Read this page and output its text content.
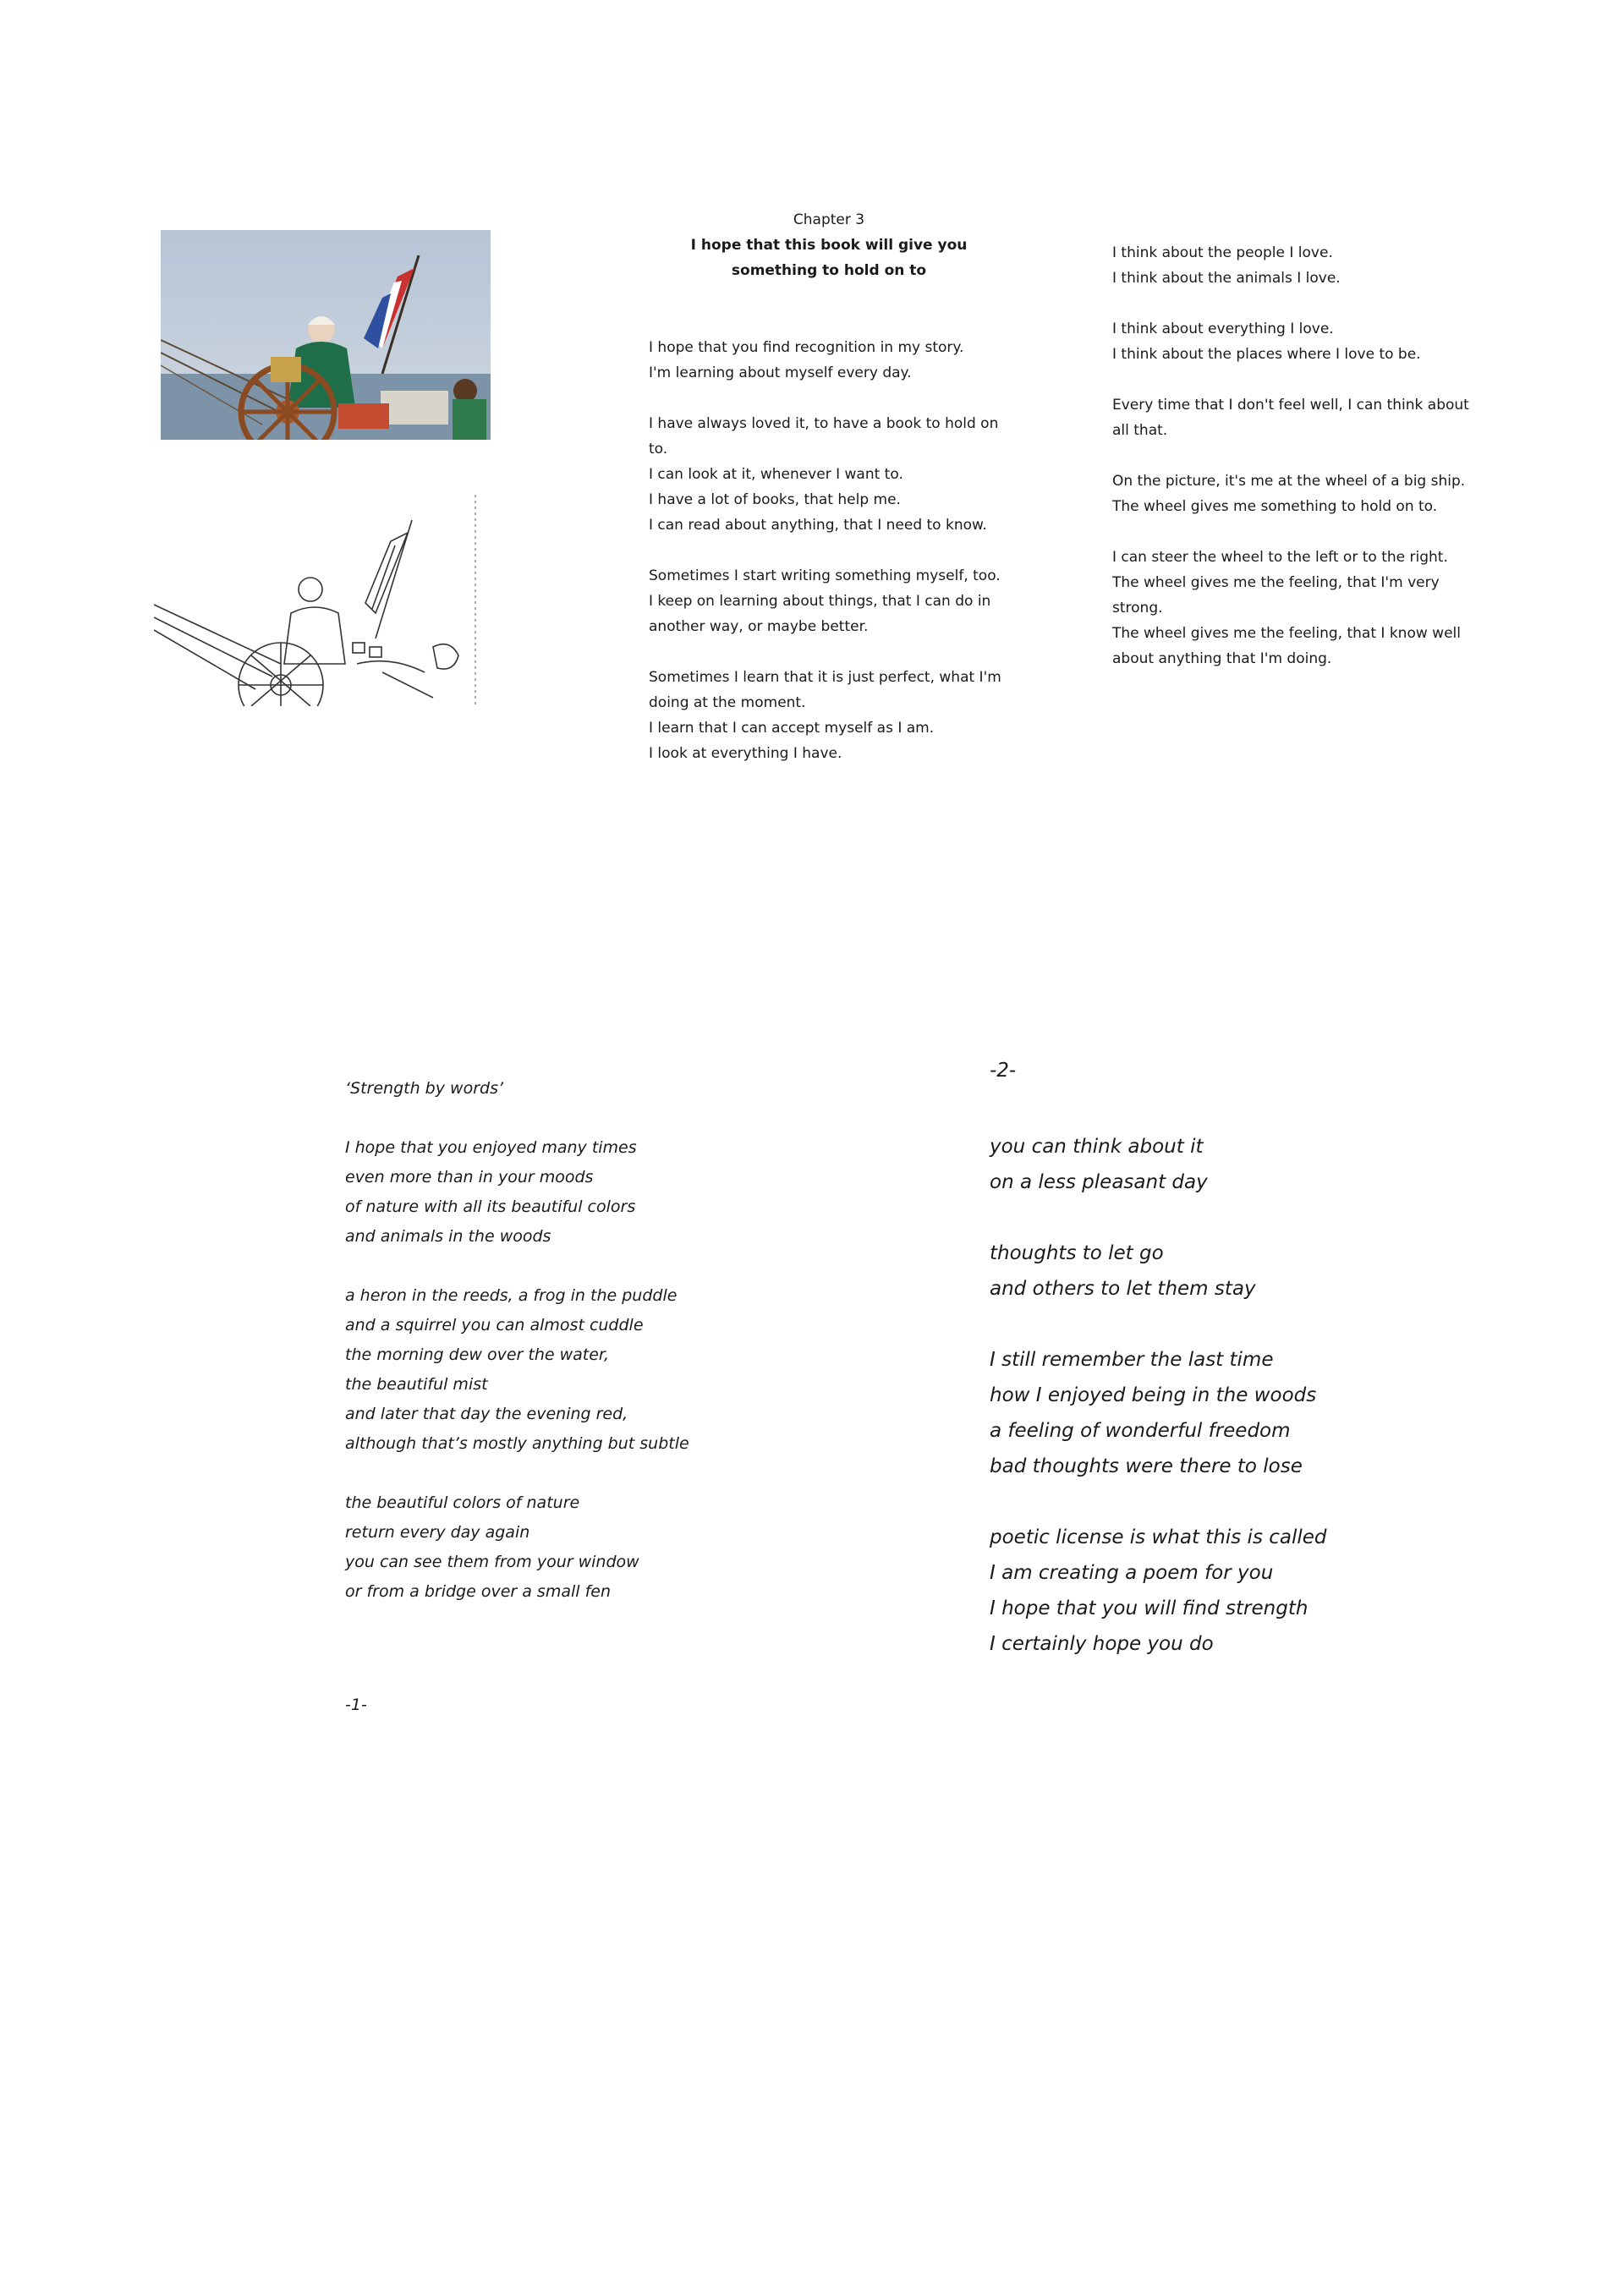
Chapter 3
I hope that this book will give you
something to hold on to

I hope that you find recognition in my story.
I'm learning about myself every day.

I have always loved it, to have a book to hold on
to.
I can look at it, whenever I want to.
I have a lot of books, that help me.
I can read about anything, that I need to know.

Sometimes I start writing something myself, too.
I keep on learning about things, that I can do in
another way, or maybe better.

Sometimes I learn that it is just perfect, what I'm
doing at the moment.
I learn that I can accept myself as I am.
I look at everything I have.

I think about the people I love.
I think about the animals I love.

I think about everything I love.
I think about the places where I love to be.

Every time that I don't feel well, I can think about
all that.

On the picture, it's me at the wheel of a big ship.
The wheel gives me something to hold on to.

I can steer the wheel to the left or to the right.
The wheel gives me the feeling, that I'm very
strong.
The wheel gives me the feeling, that I know well
about anything that I'm doing.

‘Strength by words’

I hope that you enjoyed many times
even more than in your moods
of nature with all its beautiful colors
and animals in the woods
a heron in the reeds, a frog in the puddle
and a squirrel you can almost cuddle
the morning dew over the water,
the beautiful mist
and later that day the evening red,
although that’s mostly anything but subtle
the beautiful colors of nature
return every day again
you can see them from your window
or from a bridge over a small fen
-1-
-2-
you can think about it
on a less pleasant day
thoughts to let go
and others to let them stay
I still remember the last time
how I enjoyed being in the woods
a feeling of wonderful freedom
bad thoughts were there to lose
poetic license is what this is called
I am creating a poem for you
I hope that you will find strength
I certainly hope you do
